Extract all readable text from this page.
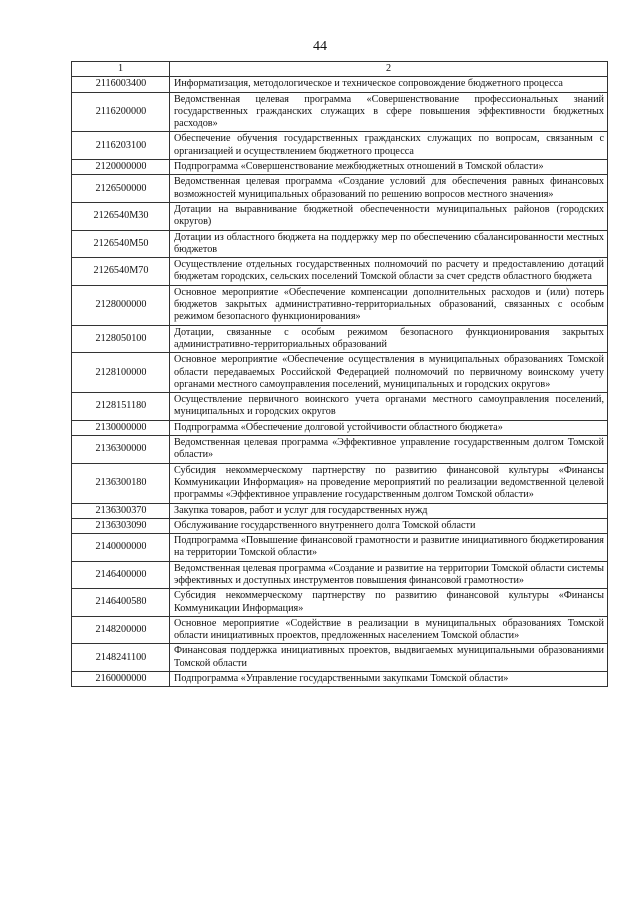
44
1	2
2116003400	Информатизация, методологическое и техническое сопровождение бюджетного процесса
2116200000	Ведомственная целевая программа «Совершенствование профессиональных знаний государственных гражданских служащих в сфере повышения эффективности бюджетных расходов»
2116203100	Обеспечение обучения государственных гражданских служащих по вопросам, связанным с организацией и осуществлением бюджетного процесса
2120000000	Подпрограмма «Совершенствование межбюджетных отношений в Томской области»
2126500000	Ведомственная целевая программа «Создание условий для обеспечения равных финансовых возможностей муниципальных образований по решению вопросов местного значения»
2126540М30	Дотации на выравнивание бюджетной обеспеченности муниципальных районов (городских округов)
2126540М50	Дотации из областного бюджета на поддержку мер по обеспечению сбалансированности местных бюджетов
2126540М70	Осуществление отдельных государственных полномочий по расчету и предоставлению дотаций бюджетам городских, сельских поселений Томской области за счет средств областного бюджета
2128000000	Основное мероприятие «Обеспечение компенсации дополнительных расходов и (или) потерь бюджетов закрытых административно-территориальных образований, связанных с особым режимом безопасного функционирования»
2128050100	Дотации, связанные с особым режимом безопасного функционирования закрытых административно-территориальных образований
2128100000	Основное мероприятие «Обеспечение осуществления в муниципальных образованиях Томской области передаваемых Российской Федерацией полномочий по первичному воинскому учету органами местного самоуправления поселений, муниципальных и городских округов»
2128151180	Осуществление первичного воинского учета органами местного самоуправления поселений, муниципальных и городских округов
2130000000	Подпрограмма «Обеспечение долговой устойчивости областного бюджета»
2136300000	Ведомственная целевая программа «Эффективное управление государственным долгом Томской области»
2136300180	Субсидия некоммерческому партнерству по развитию финансовой культуры «Финансы Коммуникации Информация» на проведение мероприятий по реализации ведомственной целевой программы «Эффективное управление государственным долгом Томской области»
2136300370	Закупка товаров, работ и услуг для государственных нужд
2136303090	Обслуживание государственного внутреннего долга Томской области
2140000000	Подпрограмма «Повышение финансовой грамотности и развитие инициативного бюджетирования на территории Томской области»
2146400000	Ведомственная целевая программа «Создание и развитие на территории Томской области системы эффективных и доступных инструментов повышения финансовой грамотности»
2146400580	Субсидия некоммерческому партнерству по развитию финансовой культуры «Финансы Коммуникации Информация»
2148200000	Основное мероприятие «Содействие в реализации в муниципальных образованиях Томской области инициативных проектов, предложенных населением Томской области»
2148241100	Финансовая поддержка инициативных проектов, выдвигаемых муниципальными образованиями Томской области
2160000000	Подпрограмма «Управление государственными закупками Томской области»
